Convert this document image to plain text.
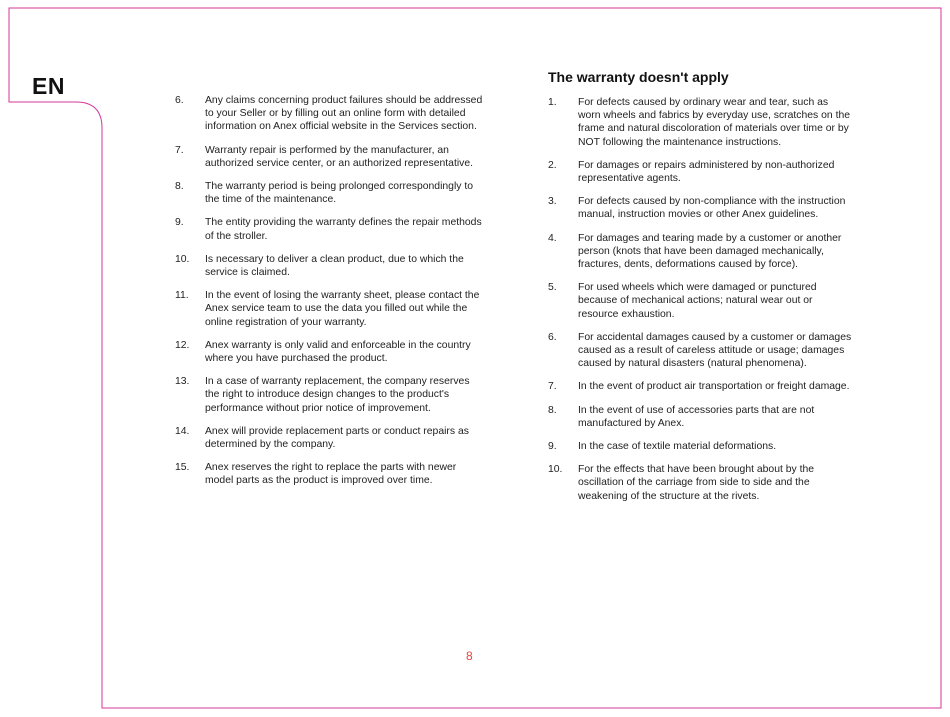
EN
6.	Any claims concerning product failures should be addressed to your Seller or by filling out an online form with detailed information on Anex official website in the Services section.
7.	Warranty repair is performed by the manufacturer, an authorized service center, or an authorized representative.
8.	The warranty period is being prolonged correspondingly to the time of the maintenance.
9.	The entity providing the warranty defines the repair methods of the stroller.
10.	Is necessary to deliver a clean product, due to which the service is claimed.
11.	In the event of losing the warranty sheet, please contact the Anex service team to use the data you filled out while the online registration of your warranty.
12.	Anex warranty is only valid and enforceable in the country where you have purchased the product.
13.	In a case of warranty replacement, the company reserves the right to introduce design changes to the product's performance without prior notice of improvement.
14.	Anex will provide replacement parts or conduct repairs as determined by the company.
15.	Anex reserves the right to replace the parts with newer model parts as the product is improved over time.
The warranty doesn't apply
1.	For defects caused by ordinary wear and tear, such as worn wheels and fabrics by everyday use, scratches on the frame and natural discoloration of materials over time or by NOT following the maintenance instructions.
2.	For damages or repairs administered by non-authorized representative agents.
3.	For defects caused by non-compliance with the instruction manual, instruction movies or other Anex guidelines.
4.	For damages and tearing made by a customer or another person (knots that have been damaged mechanically, fractures, dents, deformations caused by force).
5.	For used wheels which were damaged or punctured because of mechanical actions; natural wear out or resource exhaustion.
6.	For accidental damages caused by a customer or damages caused as a result of careless attitude or usage; damages caused by natural disasters (natural phenomena).
7.	In the event of product air transportation or freight damage.
8.	In the event of use of accessories parts that are not manufactured by Anex.
9.	In the case of textile material deformations.
10.	For the effects that have been brought about by the oscillation of the carriage from side to side and the weakening of the structure at the rivets.
8
